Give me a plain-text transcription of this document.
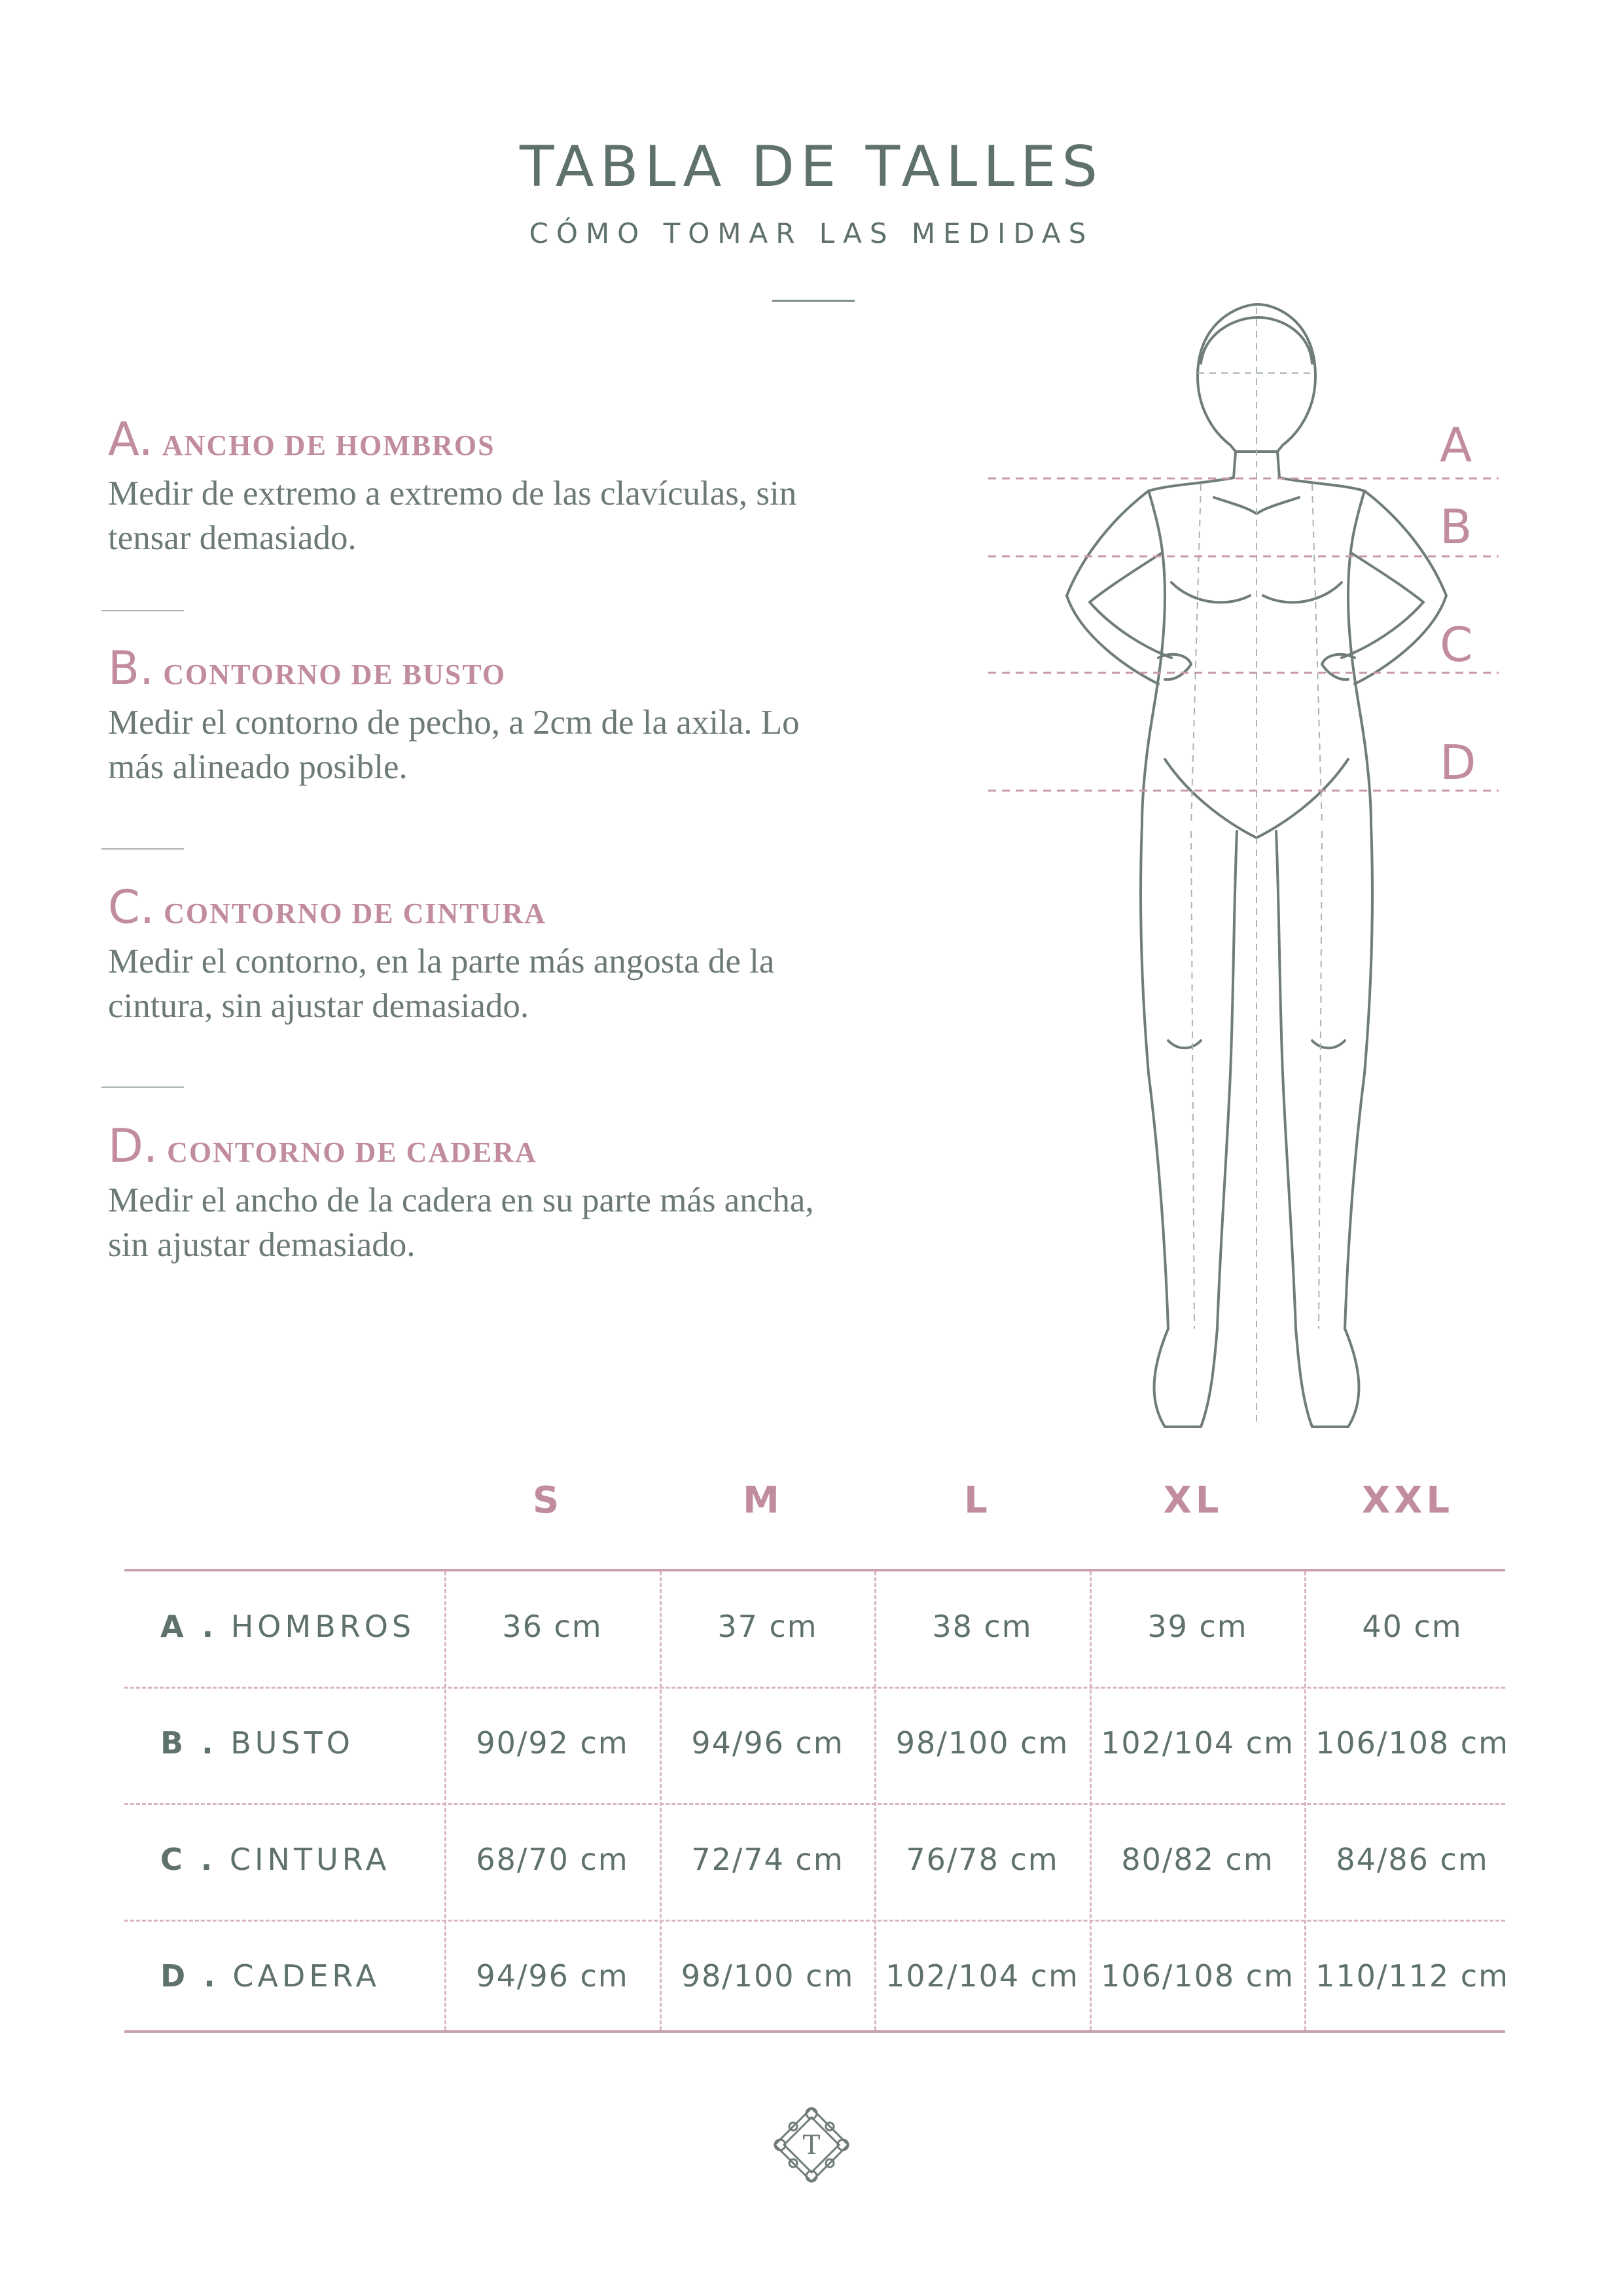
TABLA DE TALLES
CÓMO TOMAR LAS MEDIDAS
A. ANCHO DE HOMBROS
Medir de extremo a extremo de las clavículas, sin tensar demasiado.
B. CONTORNO DE BUSTO
Medir el contorno de pecho, a 2cm de la axila. Lo más alineado posible.
C. CONTORNO DE CINTURA
Medir el contorno, en la parte más angosta de la cintura, sin ajustar demasiado.
D. CONTORNO DE CADERA
Medir el ancho de la cadera en su parte más ancha, sin ajustar demasiado.
A
B
C
D
S	M	L	XL	XXL
A . HOMBROS	36 cm	37 cm	38 cm	39 cm	40 cm
B . BUSTO	90/92 cm	94/96 cm	98/100 cm	102/104 cm 106/108 cm
C . CINTURA	68/70 cm	72/74 cm	76/78 cm	80/82 cm	84/86 cm
D . CADERA	94/96 cm	98/100 cm	102/104 cm 106/108 cm 110/112 cm
T
